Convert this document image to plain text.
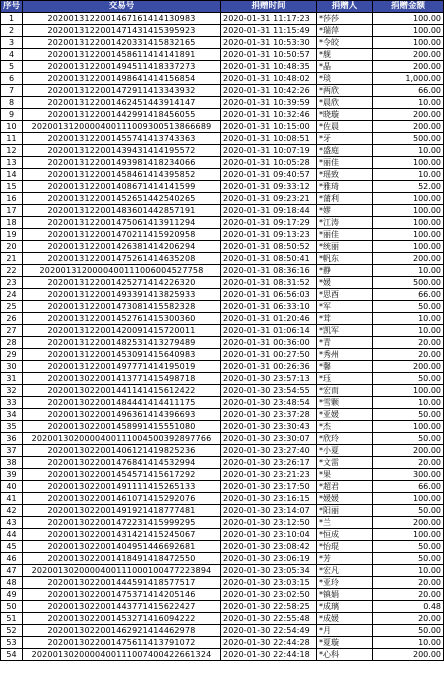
序号	交易号	捐赠时间	捐赠人	捐赠金额
1	2020013122001467161414130983	2020-01-31 11:17:23	*莎莎	100.00
2	2020013122001471431415395923	2020-01-31 11:15:49	*瑞萍	100.00
3	2020013122001420331415832165	2020-01-31 10:53:30	*令皎	100.00
4	2020013122001458611414141891	2020-01-31 10:50:57	*舰	200.00
5	2020013122001494511418337273	2020-01-31 10:48:35	*晶	200.00
6	2020013122001498641414156854	2020-01-31 10:48:02	*琰	1,000.00
7	2020013122001472911413343932	2020-01-31 10:42:26	*两欣	66.00
8	2020013122001462451443914147	2020-01-31 10:39:59	*晨欣	10.00
9	2020013122001442991418456055	2020-01-31 10:32:46	*晓璇	200.00
10	2020013120000400111009300513866689	2020-01-31 10:15:00	*佐晨	200.00
11	2020013122001455741413743363	2020-01-31 10:08:51	*牙	500.00
12	2020013122001439431414195572	2020-01-31 10:07:19	*盛庭	10.00
13	2020013122001493981418234066	2020-01-31 10:05:28	*丽佳	100.00
14	2020013122001458461414395852	2020-01-31 09:40:57	*瑶致	10.00
15	2020013122001408671414141599	2020-01-31 09:33:12	*雅琦	52.00
16	2020013122001452651442540265	2020-01-31 09:23:21	*蒲利	100.00
17	2020013122001483601442857191	2020-01-31 09:18:44	*嫪	100.00
18	2020013122001475061413911294	2020-01-31 09:17:29	*江涛	100.00
19	2020013122001470211415920958	2020-01-31 09:13:23	*丽佳	100.00
20	2020013122001426381414206294	2020-01-31 08:50:52	*统丽	100.00
21	2020013122001475261414635208	2020-01-31 08:50:41	*帆东	200.00
22	2020013120000400111006004527758	2020-01-31 08:36:16	*静	10.00
23	2020013122001425271414226320	2020-01-31 08:31:52	*媛	500.00
24	2020013122001493391413825933	2020-01-31 06:56:03	*思酉	66.00
25	2020013122001473081415582328	2020-01-31 06:33:10	*军	50.00
26	2020013122001452761415300360	2020-01-31 01:20:46	*茸	10.00
27	2020013122001420091415720011	2020-01-31 01:06:14	*凯军	10.00
28	2020013122001482531413279489	2020-01-31 00:36:00	*青	20.00
29	2020013122001453091415640983	2020-01-31 00:27:50	*秀州	20.00
30	2020013122001497771414195019	2020-01-31 00:26:36	*馨	200.00
31	2020013022001413771415498718	2020-01-30 23:57:13	*珏	50.00
32	2020013022001441141415612422	2020-01-30 23:54:55	*宏而	100.00
33	2020013022001484441414411175	2020-01-30 23:48:54	*雪颗	10.00
34	2020013022001496361414396693	2020-01-30 23:37:28	*亚媛	50.00
35	2020013022001458991415551080	2020-01-30 23:30:43	*杰	100.00
36	2020013020000400111004500392897766	2020-01-30 23:30:07	*欣玲	50.00
37	2020013022001406121419825236	2020-01-30 23:27:40	*小夏	200.00
38	2020013022001476841414532994	2020-01-30 23:26:17	*文雷	20.00
39	2020013022001454571415617292	2020-01-30 23:21:23	*果	300.00
40	2020013022001491111415265133	2020-01-30 23:17:50	*超君	66.00
41	2020013022001461071415292076	2020-01-30 23:16:15	*媛媛	100.00
42	2020013022001491921418777481	2020-01-30 23:14:07	*阳丽	50.00
43	2020013022001472231415999295	2020-01-30 23:12:50	*兰	200.00
44	2020013022001431421415245067	2020-01-30 23:10:04	*恒成	100.00
45	2020013022001404951446692681	2020-01-30 23:08:42	*怡琨	50.00
46	2020013022001418491418472550	2020-01-30 23:06:19	*芳	50.00
47	2020013020000400111000100477223894	2020-01-30 23:05:34	*宏凡	10.00
48	2020013022001444591418577517	2020-01-30 23:03:15	*亚玲	20.00
49	2020013022001475371414205146	2020-01-30 23:02:50	*镇娟	20.00
50	2020013022001443771415622427	2020-01-30 22:58:25	*成璃	0.48
51	2020013022001453271416094222	2020-01-30 22:55:48	*成媛	20.00
52	2020013022001462921414462978	2020-01-30 22:54:49	*月	50.00
53	2020013022001475611413791072	2020-01-30 22:44:28	*夏璇	10.00
54	2020013020000400111007400422661324	2020-01-30 22:44:18	*心科	200.00
